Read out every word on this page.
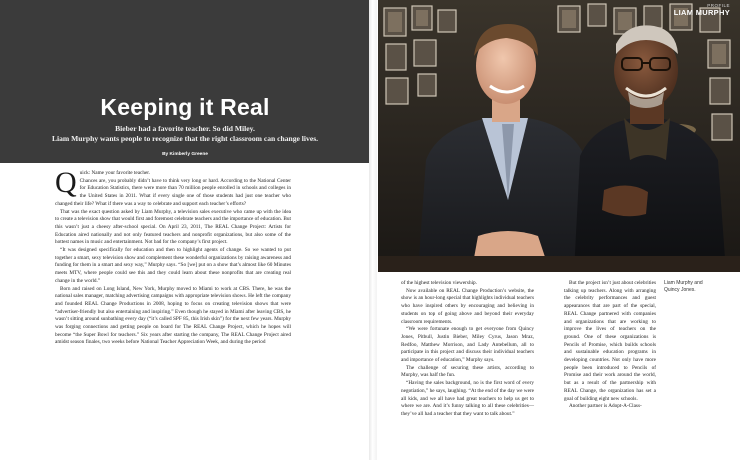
Keeping it Real
Bieber had a favorite teacher. So did Miley.
Liam Murphy wants people to recognize that the right classroom can change lives.
By Kimberly Greene
Q uick: Name your favorite teacher.

Chances are, you probably didn’t have to think very long or hard. According to the National Center for Education Statistics, there were more than 70 million people enrolled in schools and colleges in the United States in 2011. What if every single one of those students had just one teacher who changed their life? What if there was a way to celebrate and support each teacher’s efforts?

That was the exact question asked by Liam Murphy, a television sales executive who came up with the idea to create a television show that would first and foremost celebrate teachers and the importance of education. But this wasn’t just a cheesy after-school special. On April 23, 2011, The REAL Change Project: Artists for Education aired nationally and not only featured teachers and nonprofit organizations, but also some of the hottest names in music and entertainment. Not bad for the company’s first project.

“It was designed specifically for education and then to highlight agents of change. So we wanted to put together a smart, sexy television show and complement these wonderful organizations by raising awareness and funding for them in a smart and sexy way,” Murphy says. “So [we] put on a show that’s almost like 60 Minutes meets MTV, where people could see this and they could learn about these nonprofits that are creating real change in the world.”

Born and raised on Long Island, New York, Murphy moved to Miami to work at CBS. There, he was the national sales manager, matching advertising campaigns with appropriate television shows. He left the company and founded REAL Change Productions in 2008, hoping to focus on creating television shows that were “advertiser-friendly but also entertaining and inspiring.” Even though he stayed in Miami after leaving CBS, he wasn’t sitting around sunbathing every day (“it’s called SPF 85, this Irish skin”) for the next few years. Murphy was forging connections and getting people on board for The REAL Change Project, which he hopes will become “the Super Bowl for teachers.” Six years after starting the company, The REAL Change Project aired amidst season finales, two weeks before National Teacher Appreciation Week, and during the period

PROFILE
LIAM MURPHY

of the highest television viewership.

Now available on REAL Change Production’s website, the show is an hour-long special that highlights individual teachers who have inspired others by encouraging and believing in students on top of going above and beyond their everyday classroom requirements.

“We were fortunate enough to get everyone from Quincy Jones, Pitbull, Justin Bieber, Miley Cyrus, Jason Mraz, Redfoo, Matthew Morrison, and Lady Antebellum, all to participate in this project and discuss their individual teachers and importance of education,” Murphy says.

The challenge of securing these artists, according to Murphy, was half the fun.

“Having the sales background, no is the first word of every negotiation,” he says, laughing. “At the end of the day we were all kids, and we all have had great teachers to help us get to where we are. And it’s funny talking to all these celebrities—they’ve all had a teacher that they want to talk about.”

But the project isn’t just about celebrities talking up teachers. Along with arranging the celebrity performances and guest appearances that are part of the special, REAL Change partnered with companies and organizations that are working to improve the lives of teachers on the ground. One of these organizations is Pencils of Promise, which builds schools and sustainable education programs in developing countries. Not only have more people been introduced to Pencils of Promise and their work around the world, but as a result of the partnership with REAL Change, the organization has set a goal of building eight new schools.

Another partner is Adopt-A-Class-

Liam Murphy and
Quincy Jones.
